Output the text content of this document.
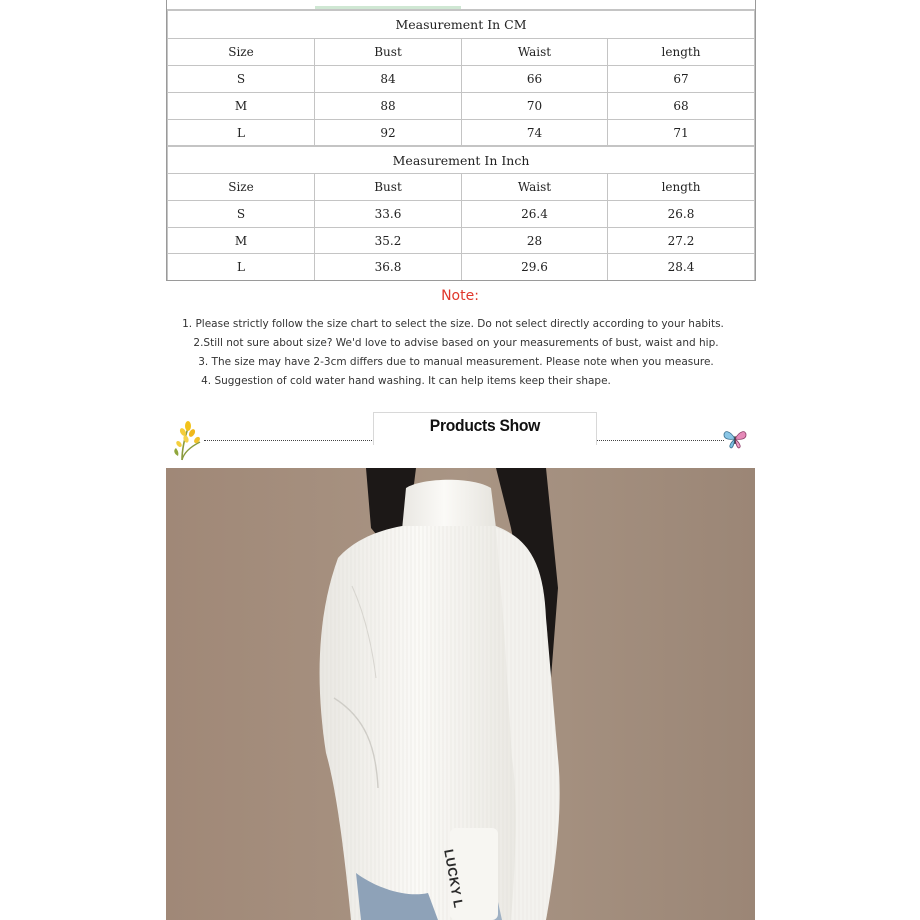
Measurement In CM			
Size	Bust	Waist	length
S	84	66	67
M	88	70	68
L	92	74	71
Measurement In Inch			
Size	Bust	Waist	length
S	33.6	26.4	26.8
M	35.2	28	27.2
L	36.8	29.6	28.4
Note:
1. Please strictly follow the size chart to select the size. Do not select directly according to your habits.
2.Still not sure about size? We'd love to advise based on your measurements of bust, waist and hip.
3. The size may have 2-3cm differs due to manual measurement. Please note when you measure.
4. Suggestion of cold water hand washing. It can help items keep their shape.
Products Show
LUCKY L
